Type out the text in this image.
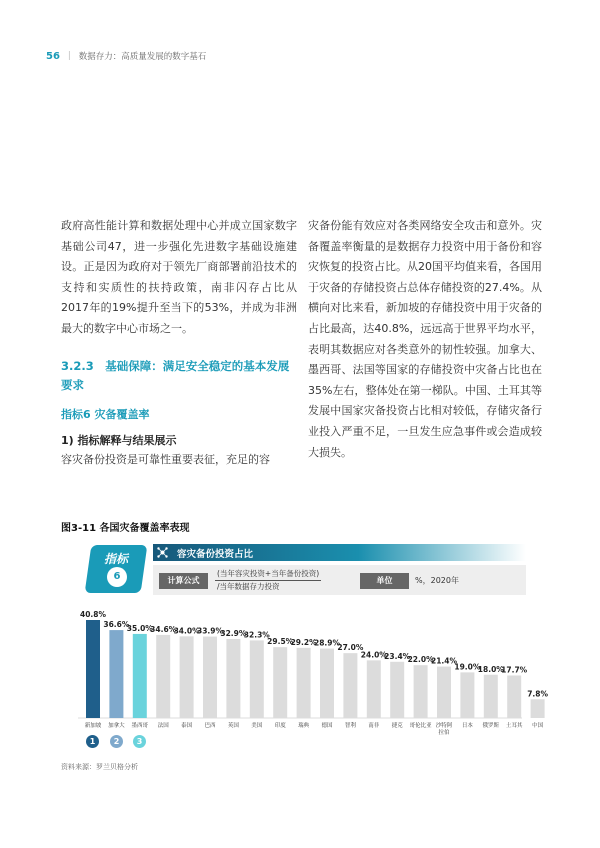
56 | 数据存力：高质量发展的数字基石

政府高性能计算和数据处理中心并成立国家数字基础公司47，进一步强化先进数字基础设施建设。正是因为政府对于领先厂商部署前沿技术的支持和实质性的扶持政策，南非闪存占比从2017年的19%提升至当下的53%，并成为非洲最大的数字中心市场之一。

3.2.3　基础保障：满足安全稳定的基本发展要求
指标6 灾备覆盖率
1) 指标解释与结果展示

容灾备份投资是可靠性重要表征，充足的容

灾备份能有效应对各类网络安全攻击和意外。灾备覆盖率衡量的是数据存力投资中用于备份和容灾恢复的投资占比。从20国平均值来看，各国用于灾备的存储投资占总体存储投资的27.4%。从横向对比来看，新加坡的存储投资中用于灾备的占比最高，达40.8%，远远高于世界平均水平，表明其数据应对各类意外的韧性较强。加拿大、墨西哥、法国等国家的存储投资中灾备占比也在35%左右，整体处在第一梯队。中国、土耳其等发展中国家灾备投资占比相对较低，存储灾备行业投入严重不足，一旦发生应急事件或会造成较大损失。

图3-11 各国灾备覆盖率表现
指标
6
容灾备份投资占比
计算公式
(当年容灾投资+当年备份投资)
/当年数据存力投资
单位	%，2020年
40.8%
新加坡
36.6%
加拿大
35.0%
墨西哥
34.6%
法国
34.0%
泰国
33.9%
巴西
32.9%
英国
32.3%
美国
29.5%
印度
29.2%
瑞典
28.9%
德国
27.0%
智利
24.0%
南非
23.4%
捷克
22.0%
哥伦比亚
21.4%
沙特阿
拉伯
19.0%
日本
18.0%
俄罗斯
17.7%
土耳其
7.8%
中国
1	2	3
资料来源：罗兰贝格分析
